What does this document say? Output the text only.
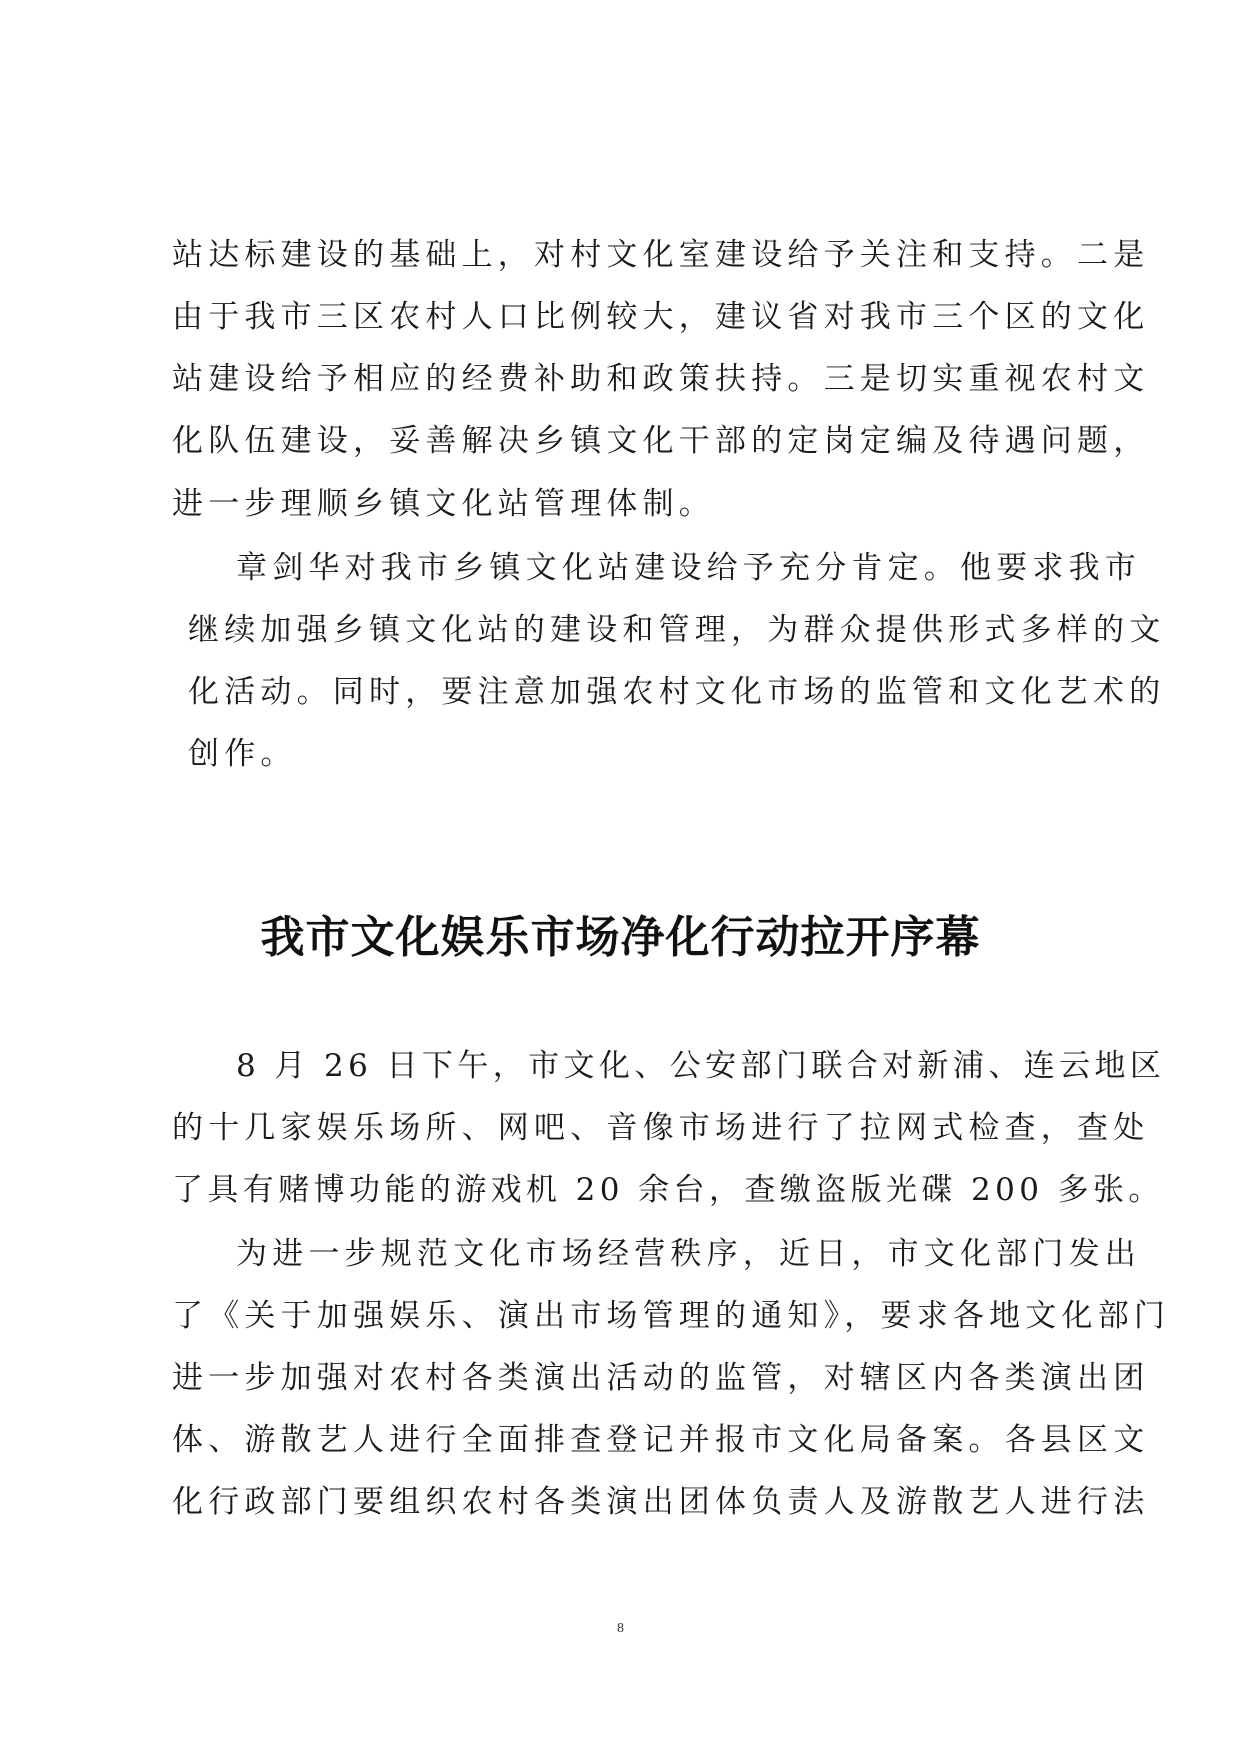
站达标建设的基础上，对村文化室建设给予关注和支持。二是
由于我市三区农村人口比例较大，建议省对我市三个区的文化
站建设给予相应的经费补助和政策扶持。三是切实重视农村文
化队伍建设，妥善解决乡镇文化干部的定岗定编及待遇问题，
进一步理顺乡镇文化站管理体制。
章剑华对我市乡镇文化站建设给予充分肯定。他要求我市
继续加强乡镇文化站的建设和管理，为群众提供形式多样的文
化活动。同时，要注意加强农村文化市场的监管和文化艺术的
创作。
我市文化娱乐市场净化行动拉开序幕
8 月 26 日下午，市文化、公安部门联合对新浦、连云地区
的十几家娱乐场所、网吧、音像市场进行了拉网式检查，查处
了具有赌博功能的游戏机 20 余台，查缴盗版光碟 200 多张。
为进一步规范文化市场经营秩序，近日，市文化部门发出
了《关于加强娱乐、演出市场管理的通知》，要求各地文化部门
进一步加强对农村各类演出活动的监管，对辖区内各类演出团
体、游散艺人进行全面排查登记并报市文化局备案。各县区文
化行政部门要组织农村各类演出团体负责人及游散艺人进行法
8
